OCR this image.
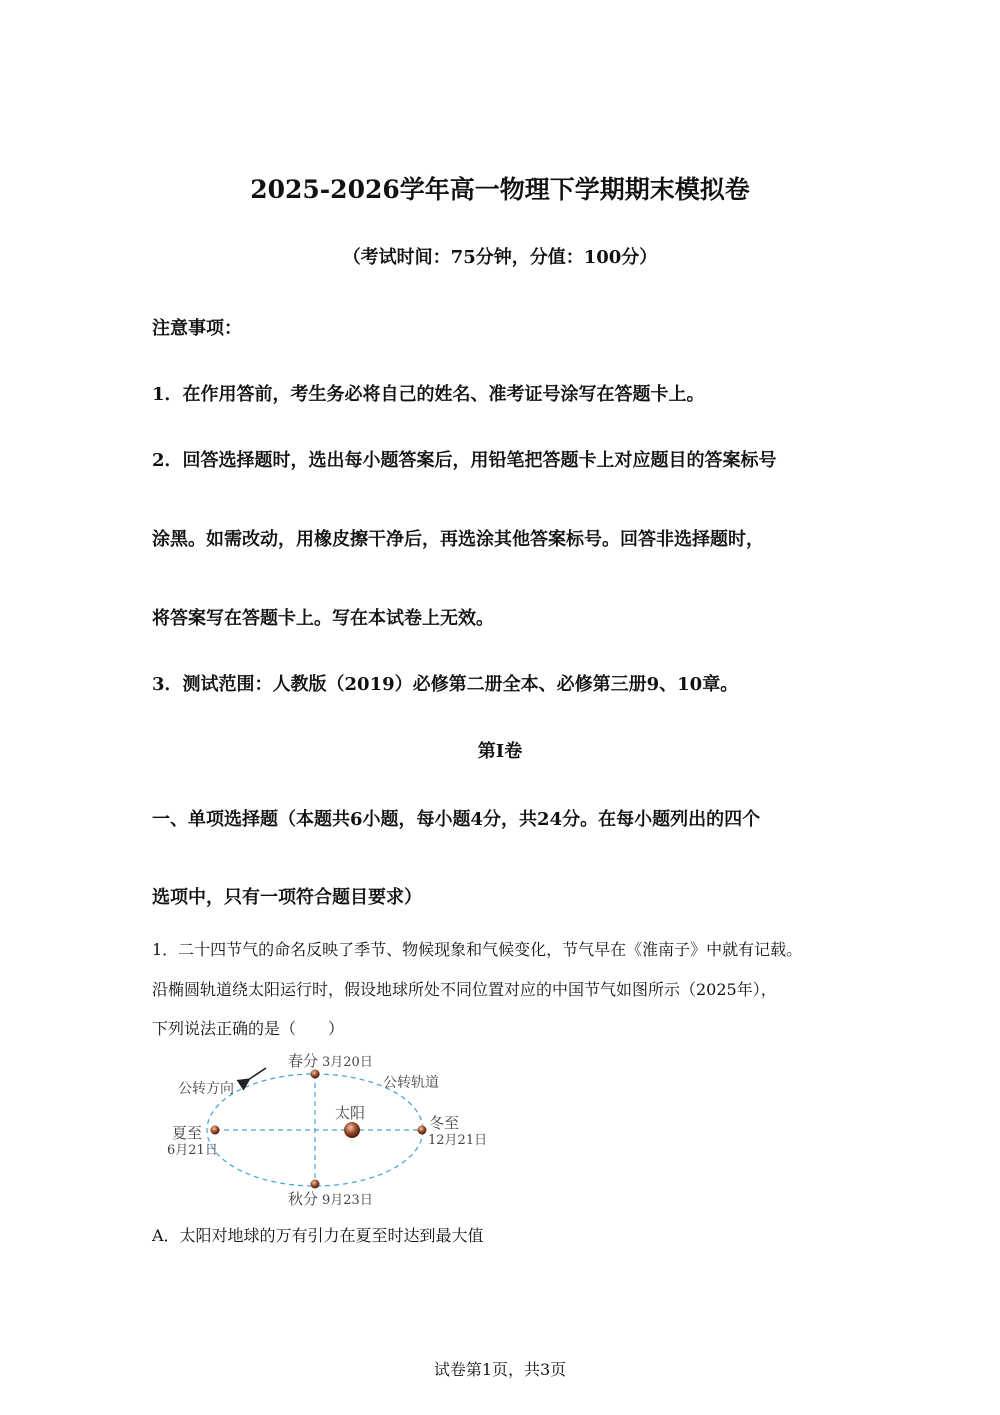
2025-2026学年高一物理下学期期末模拟卷
（考试时间：75分钟，分值：100分）
注意事项：
1．在作用答前，考生务必将自己的姓名、准考证号涂写在答题卡上。
2．回答选择题时，选出每小题答案后，用铅笔把答题卡上对应题目的答案标号
涂黑。如需改动，用橡皮擦干净后，再选涂其他答案标号。回答非选择题时，
将答案写在答题卡上。写在本试卷上无效。
3．测试范围：人教版（2019）必修第二册全本、必修第三册9、10章。
第Ⅰ卷
一、单项选择题（本题共6小题，每小题4分，共24分。在每小题列出的四个
选项中，只有一项符合题目要求）
1．二十四节气的命名反映了季节、物候现象和气候变化，节气早在《淮南子》中就有记载。
沿椭圆轨道绕太阳运行时，假设地球所处不同位置对应的中国节气如图所示（2025年），
下列说法正确的是（　　）
太阳
公转方向	公转轨道
春分 3月20日
夏至
6月21日
秋分 9月23日
冬至
12月21日
A．太阳对地球的万有引力在夏至时达到最大值
试卷第1页，共3页
